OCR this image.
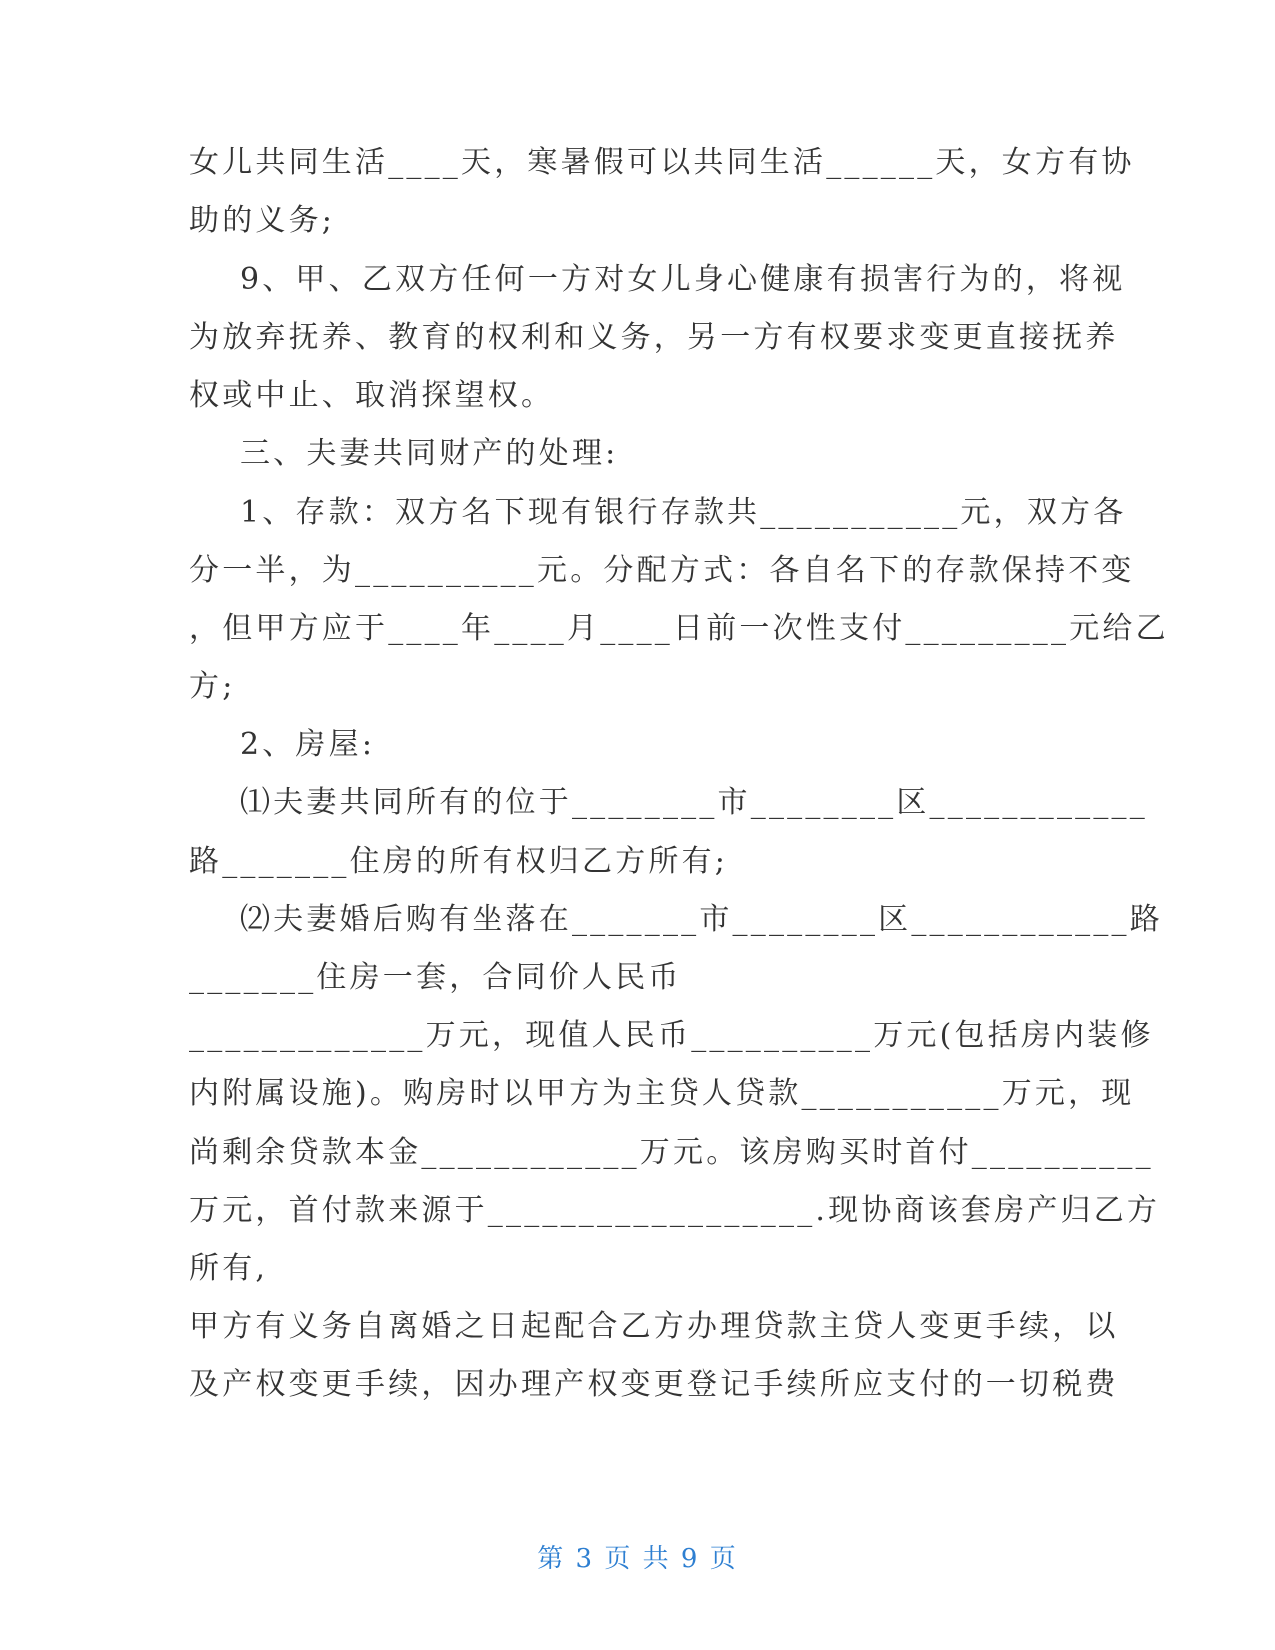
女儿共同生活____天，寒暑假可以共同生活______天，女方有协
助的义务;
9、甲、乙双方任何一方对女儿身心健康有损害行为的，将视
为放弃抚养、教育的权利和义务，另一方有权要求变更直接抚养
权或中止、取消探望权。
三、夫妻共同财产的处理:
1、存款：双方名下现有银行存款共___________元，双方各
分一半，为__________元。分配方式：各自名下的存款保持不变
，但甲方应于____年____月____日前一次性支付_________元给乙
方;
2、房屋:
⑴夫妻共同所有的位于________市________区____________
路_______住房的所有权归乙方所有;
⑵夫妻婚后购有坐落在_______市________区____________路
_______住房一套，合同价人民币
_____________万元，现值人民币__________万元(包括房内装修
内附属设施)。购房时以甲方为主贷人贷款___________万元，现
尚剩余贷款本金____________万元。该房购买时首付__________
万元，首付款来源于__________________.现协商该套房产归乙方
所有,
甲方有义务自离婚之日起配合乙方办理贷款主贷人变更手续，以
及产权变更手续，因办理产权变更登记手续所应支付的一切税费
第 3 页 共 9 页
